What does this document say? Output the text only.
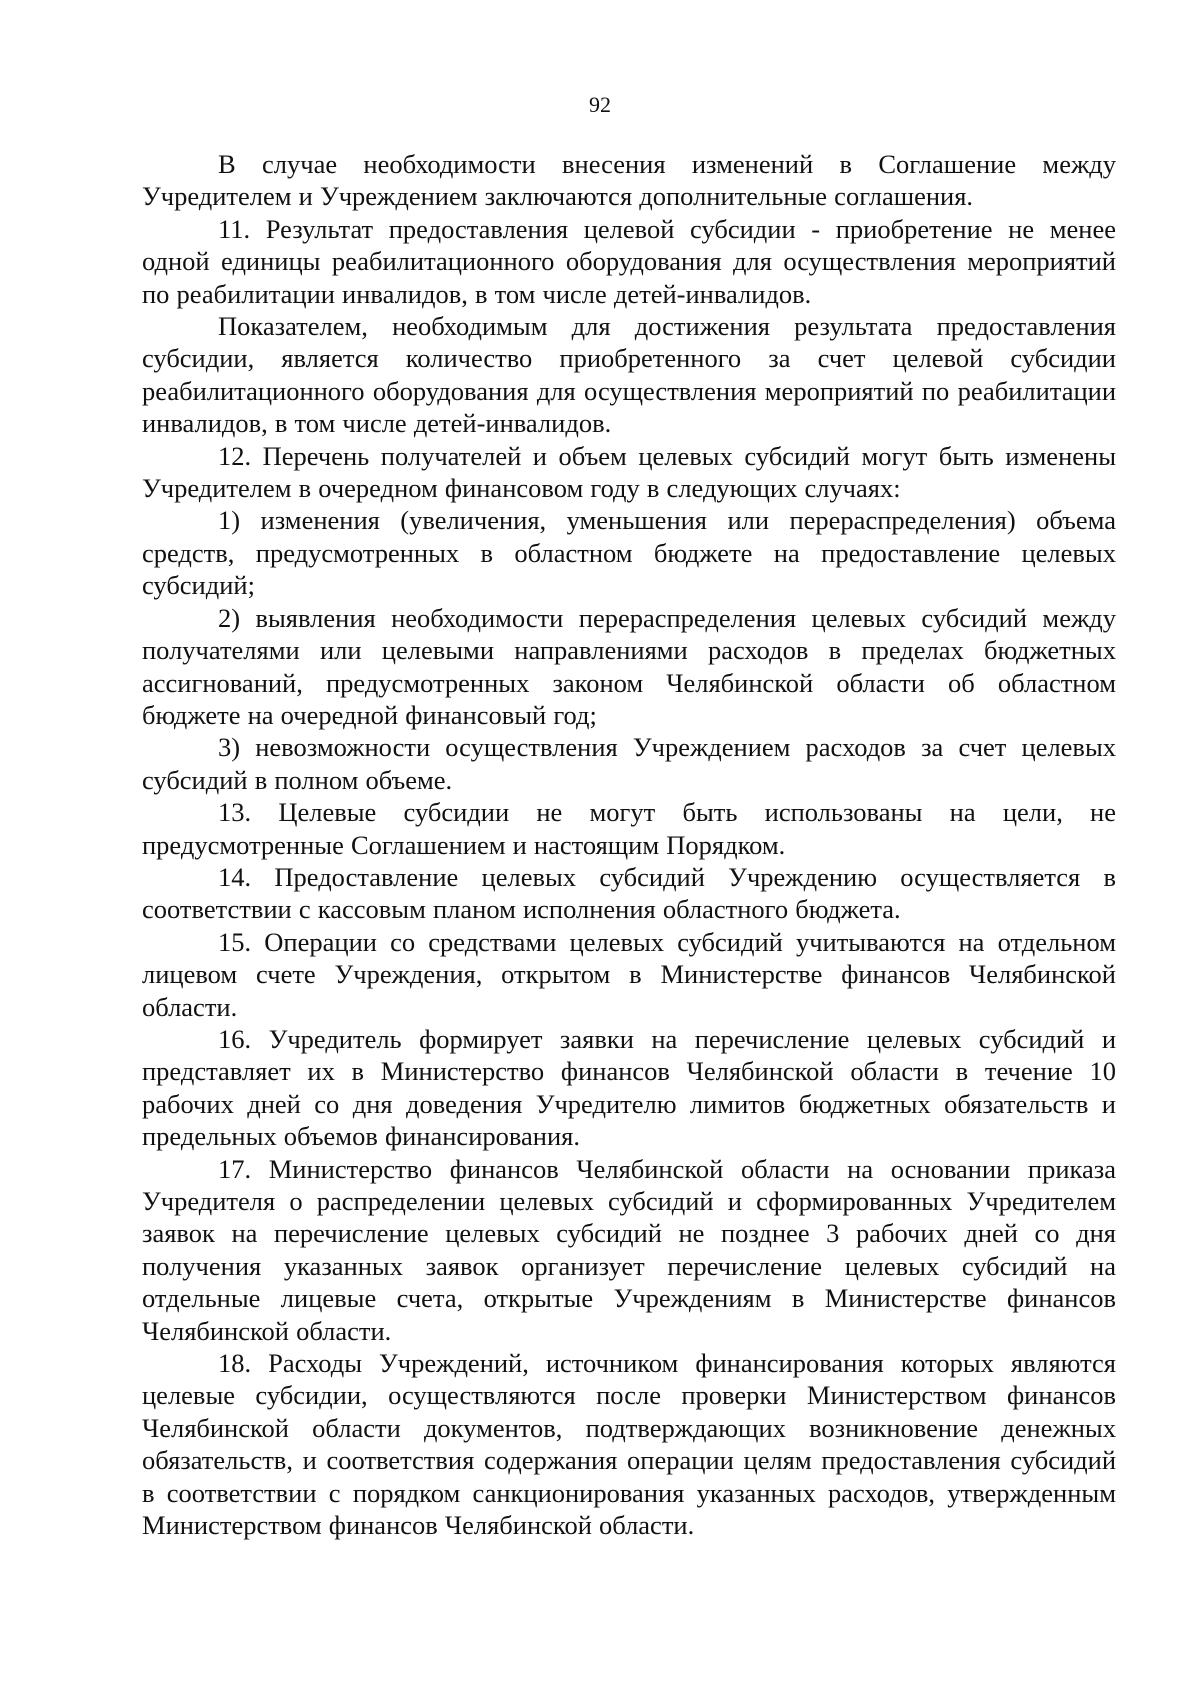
92

В случае необходимости внесения изменений в Соглашение между Учредителем и Учреждением заключаются дополнительные соглашения.

11. Результат предоставления целевой субсидии - приобретение не менее одной единицы реабилитационного оборудования для осуществления мероприятий по реабилитации инвалидов, в том числе детей-инвалидов.

Показателем, необходимым для достижения результата предоставления субсидии, является количество приобретенного за счет целевой субсидии реабилитационного оборудования для осуществления мероприятий по реабилитации инвалидов, в том числе детей-инвалидов.

12. Перечень получателей и объем целевых субсидий могут быть изменены Учредителем в очередном финансовом году в следующих случаях:

1) изменения (увеличения, уменьшения или перераспределения) объема средств, предусмотренных в областном бюджете на предоставление целевых субсидий;

2) выявления необходимости перераспределения целевых субсидий между получателями или целевыми направлениями расходов в пределах бюджетных ассигнований, предусмотренных законом Челябинской области об областном бюджете на очередной финансовый год;

3) невозможности осуществления Учреждением расходов за счет целевых субсидий в полном объеме.

13. Целевые субсидии не могут быть использованы на цели, не предусмотренные Соглашением и настоящим Порядком.

14. Предоставление целевых субсидий Учреждению осуществляется в соответствии с кассовым планом исполнения областного бюджета.

15. Операции со средствами целевых субсидий учитываются на отдельном лицевом счете Учреждения, открытом в Министерстве финансов Челябинской области.

16. Учредитель формирует заявки на перечисление целевых субсидий и представляет их в Министерство финансов Челябинской области в течение 10 рабочих дней со дня доведения Учредителю лимитов бюджетных обязательств и предельных объемов финансирования.

17. Министерство финансов Челябинской области на основании приказа Учредителя о распределении целевых субсидий и сформированных Учредителем заявок на перечисление целевых субсидий не позднее 3 рабочих дней со дня получения указанных заявок организует перечисление целевых субсидий на отдельные лицевые счета, открытые Учреждениям в Министерстве финансов Челябинской области.

18. Расходы Учреждений, источником финансирования которых являются целевые субсидии, осуществляются после проверки Министерством финансов Челябинской области документов, подтверждающих возникновение денежных обязательств, и соответствия содержания операции целям предоставления субсидий в соответствии с порядком санкционирования указанных расходов, утвержденным Министерством финансов Челябинской области.
